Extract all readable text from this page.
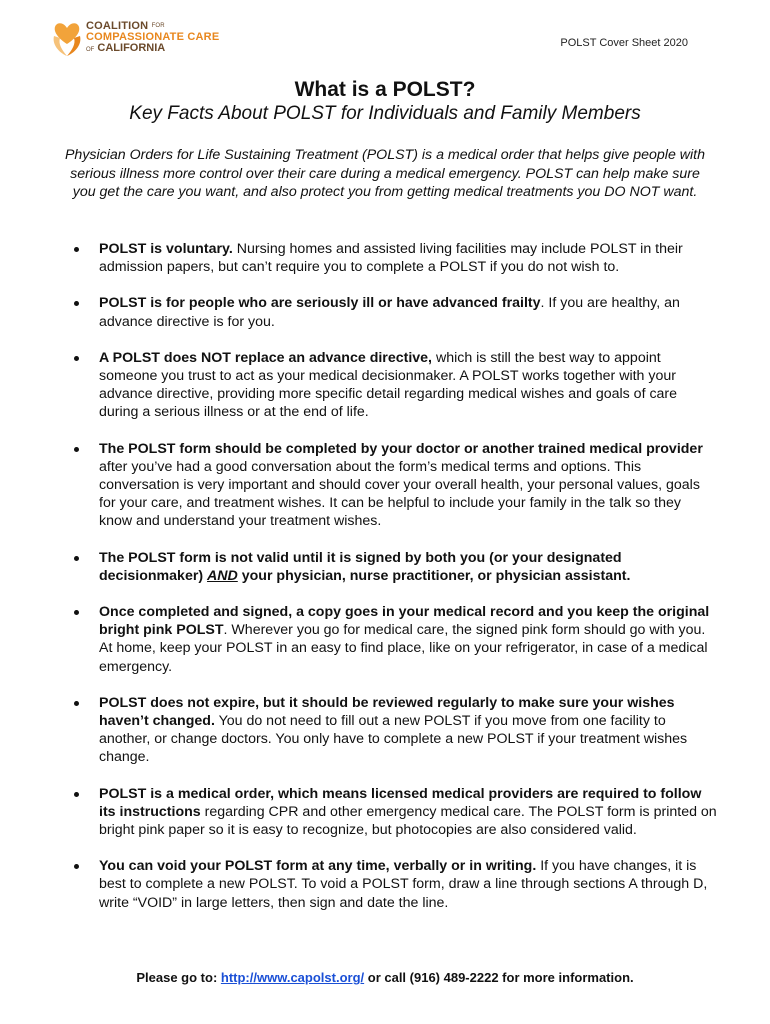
COALITION $^{FOR}$
COMPASSIONATE CARE
OF CALIFORNIA	POLST Cover Sheet 2020
What is a POLST?
Key Facts About POLST for Individuals and Family Members
Physician Orders for Life Sustaining Treatment (POLST) is a medical order that helps give people with serious illness more control over their care during a medical emergency. POLST can help make sure you get the care you want, and also protect you from getting medical treatments you DO NOT want.
POLST is voluntary. Nursing homes and assisted living facilities may include POLST in their admission papers, but can’t require you to complete a POLST if you do not wish to.
POLST is for people who are seriously ill or have advanced frailty. If you are healthy, an advance directive is for you.
A POLST does NOT replace an advance directive, which is still the best way to appoint someone you trust to act as your medical decisionmaker. A POLST works together with your advance directive, providing more specific detail regarding medical wishes and goals of care during a serious illness or at the end of life.
The POLST form should be completed by your doctor or another trained medical provider after you’ve had a good conversation about the form’s medical terms and options. This conversation is very important and should cover your overall health, your personal values, goals for your care, and treatment wishes. It can be helpful to include your family in the talk so they know and understand your treatment wishes.
The POLST form is not valid until it is signed by both you (or your designated decisionmaker) AND your physician, nurse practitioner, or physician assistant.
Once completed and signed, a copy goes in your medical record and you keep the original bright pink POLST. Wherever you go for medical care, the signed pink form should go with you. At home, keep your POLST in an easy to find place, like on your refrigerator, in case of a medical emergency.
POLST does not expire, but it should be reviewed regularly to make sure your wishes haven’t changed. You do not need to fill out a new POLST if you move from one facility to another, or change doctors. You only have to complete a new POLST if your treatment wishes change.
POLST is a medical order, which means licensed medical providers are required to follow its instructions regarding CPR and other emergency medical care. The POLST form is printed on bright pink paper so it is easy to recognize, but photocopies are also considered valid.
You can void your POLST form at any time, verbally or in writing. If you have changes, it is best to complete a new POLST. To void a POLST form, draw a line through sections A through D, write “VOID” in large letters, then sign and date the line.
Please go to: http://www.capolst.org/ or call (916) 489-2222 for more information.
